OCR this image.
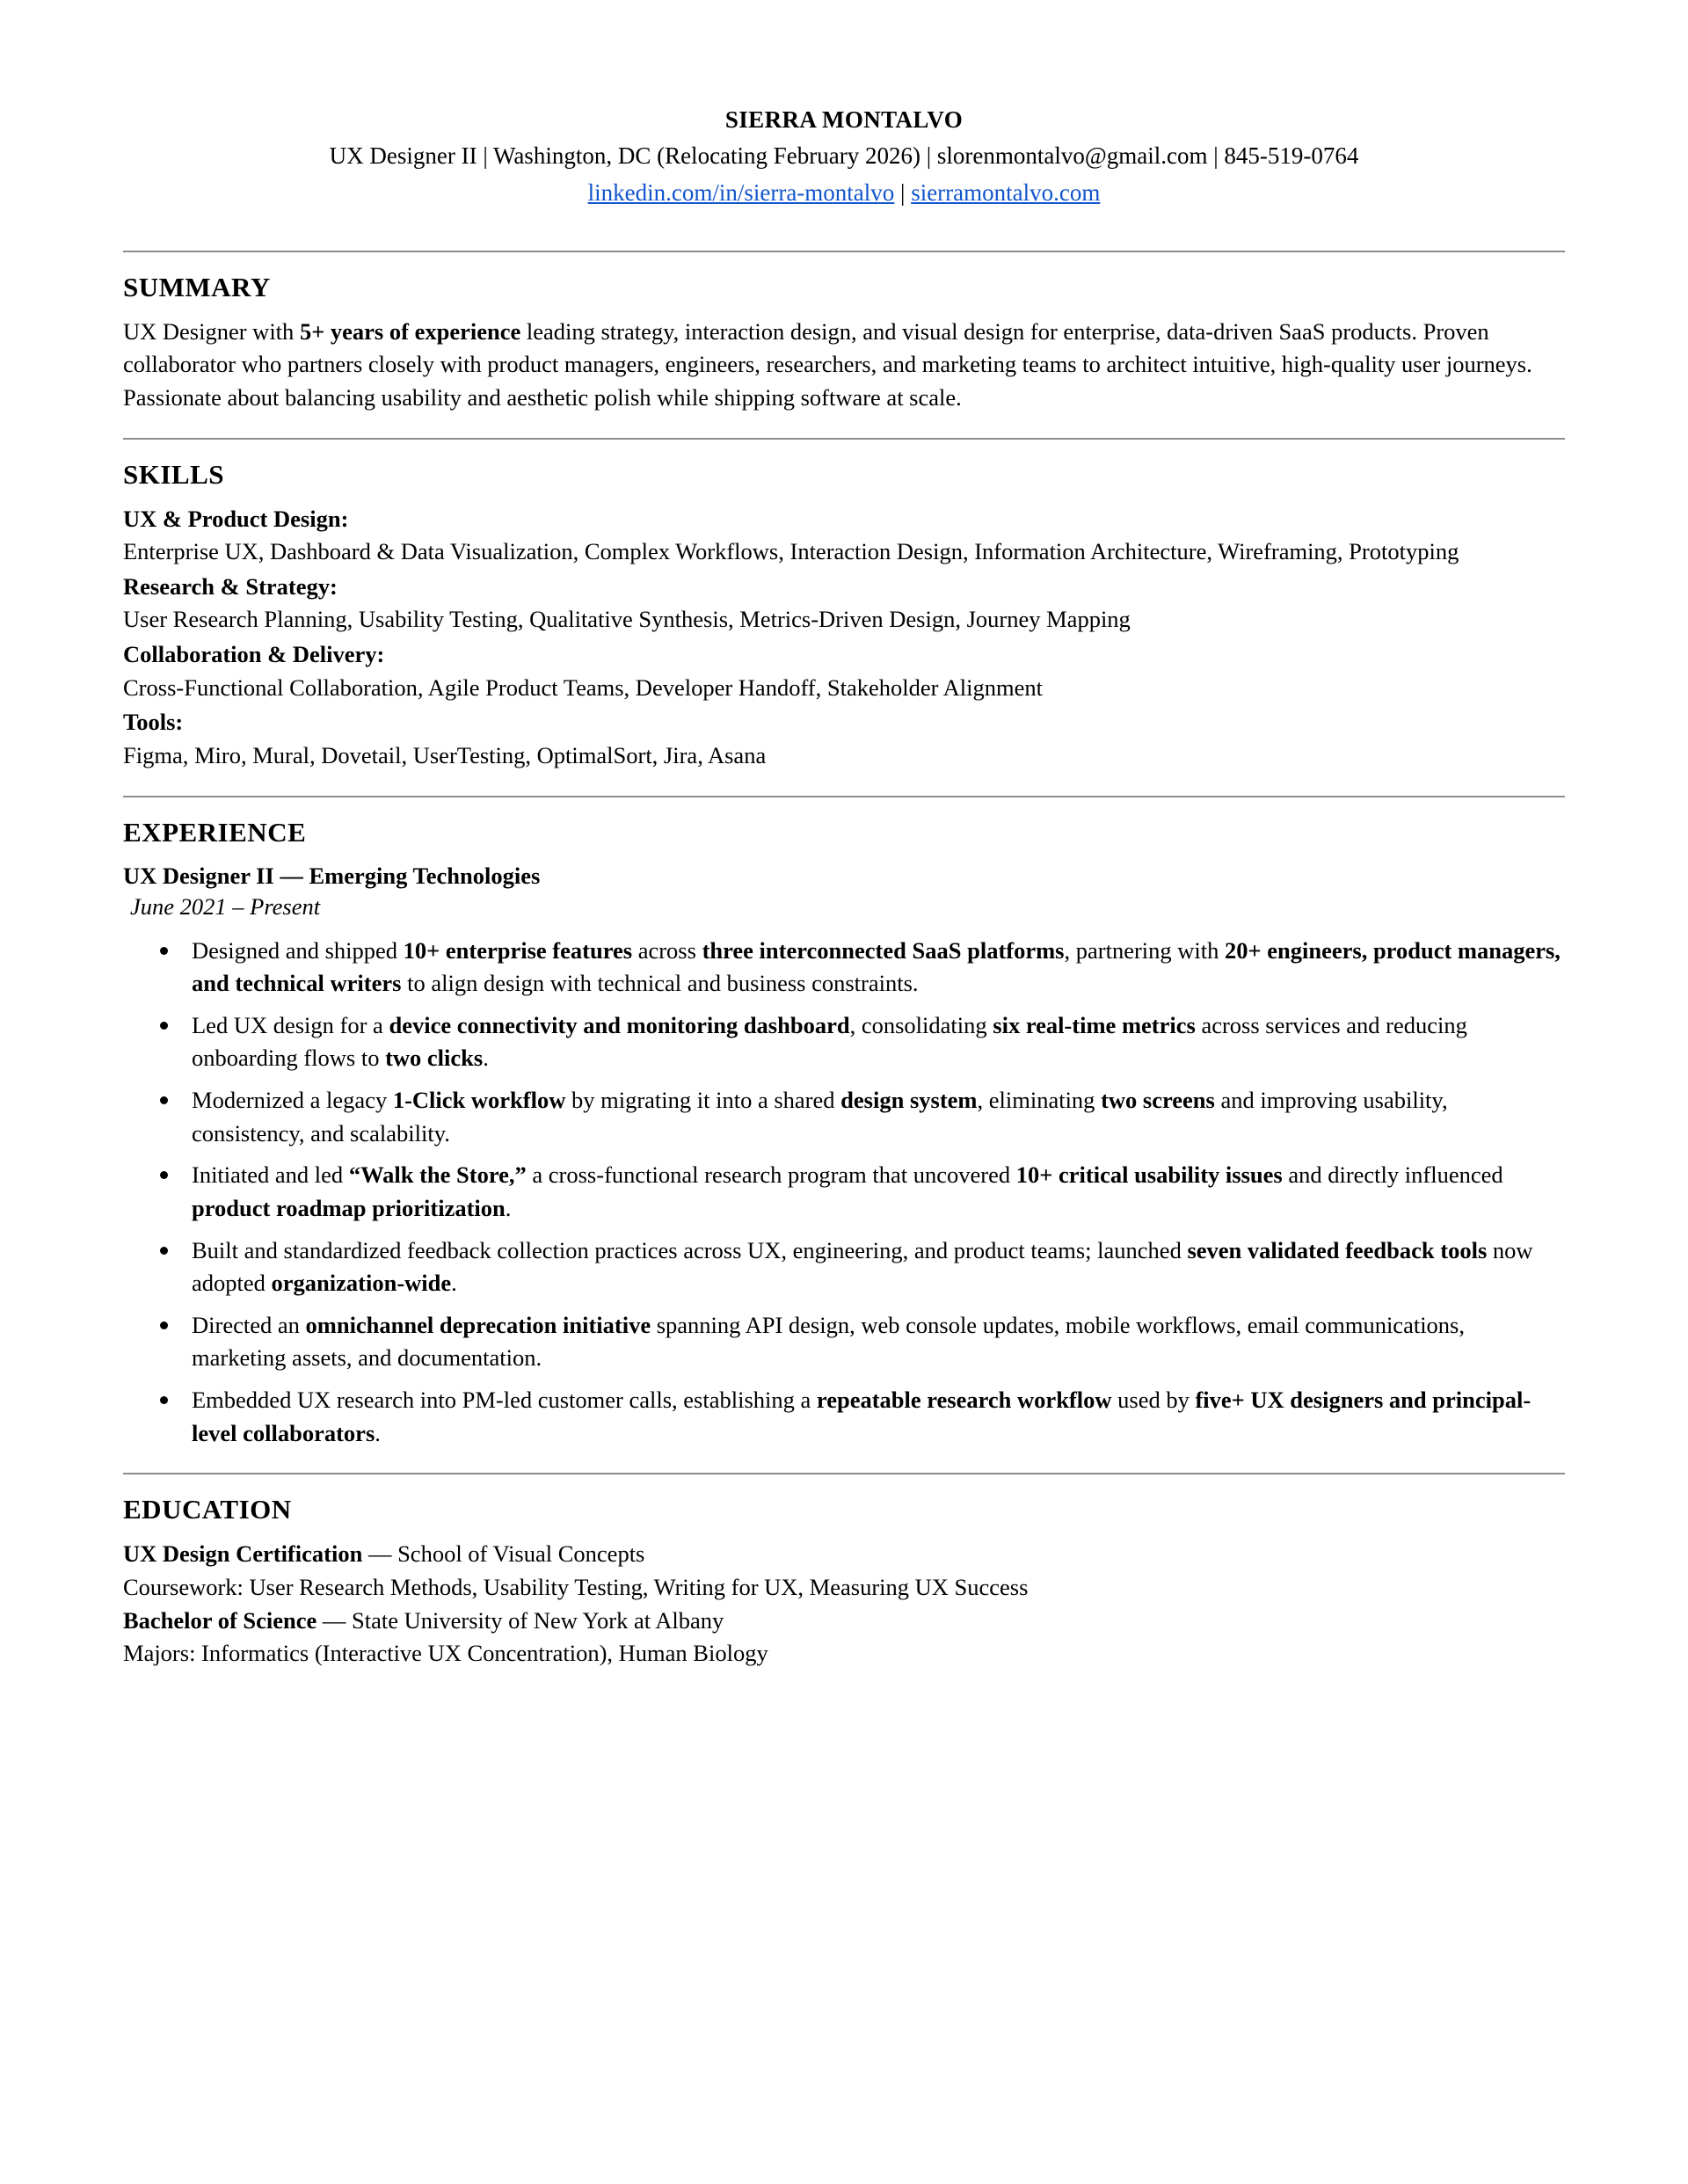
SIERRA MONTALVO
UX Designer II | Washington, DC (Relocating February 2026) | slorenmontalvo@gmail.com | 845-519-0764
linkedin.com/in/sierra-montalvo | sierramontalvo.com
SUMMARY
UX Designer with 5+ years of experience leading strategy, interaction design, and visual design for enterprise, data-driven SaaS products. Proven collaborator who partners closely with product managers, engineers, researchers, and marketing teams to architect intuitive, high-quality user journeys. Passionate about balancing usability and aesthetic polish while shipping software at scale.
SKILLS
UX & Product Design:
Enterprise UX, Dashboard & Data Visualization, Complex Workflows, Interaction Design, Information Architecture, Wireframing, Prototyping
Research & Strategy:
User Research Planning, Usability Testing, Qualitative Synthesis, Metrics-Driven Design, Journey Mapping
Collaboration & Delivery:
Cross-Functional Collaboration, Agile Product Teams, Developer Handoff, Stakeholder Alignment
Tools:
Figma, Miro, Mural, Dovetail, UserTesting, OptimalSort, Jira, Asana
EXPERIENCE
UX Designer II — Emerging Technologies
June 2021 – Present
Designed and shipped 10+ enterprise features across three interconnected SaaS platforms, partnering with 20+ engineers, product managers, and technical writers to align design with technical and business constraints.
Led UX design for a device connectivity and monitoring dashboard, consolidating six real-time metrics across services and reducing onboarding flows to two clicks.
Modernized a legacy 1-Click workflow by migrating it into a shared design system, eliminating two screens and improving usability, consistency, and scalability.
Initiated and led “Walk the Store,” a cross-functional research program that uncovered 10+ critical usability issues and directly influenced product roadmap prioritization.
Built and standardized feedback collection practices across UX, engineering, and product teams; launched seven validated feedback tools now adopted organization-wide.
Directed an omnichannel deprecation initiative spanning API design, web console updates, mobile workflows, email communications, marketing assets, and documentation.
Embedded UX research into PM-led customer calls, establishing a repeatable research workflow used by five+ UX designers and principal-level collaborators.
EDUCATION
UX Design Certification — School of Visual Concepts
Coursework: User Research Methods, Usability Testing, Writing for UX, Measuring UX Success
Bachelor of Science — State University of New York at Albany
Majors: Informatics (Interactive UX Concentration), Human Biology
